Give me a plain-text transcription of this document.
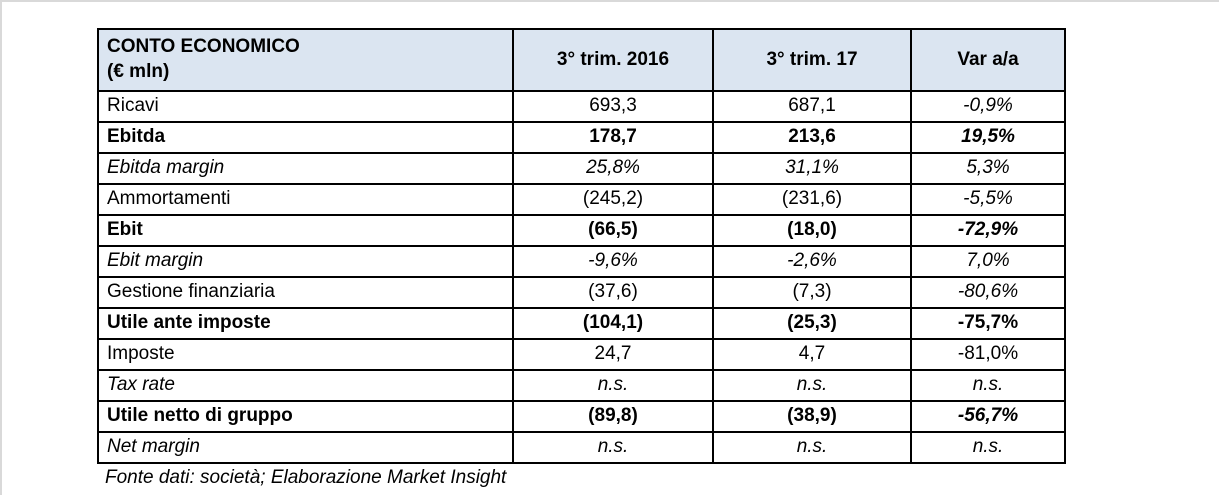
CONTO ECONOMICO
(€ mln)	3° trim. 2016	3° trim. 17	Var a/a
Ricavi	693,3	687,1	-0,9%
Ebitda	178,7	213,6	19,5%
Ebitda margin	25,8%	31,1%	5,3%
Ammortamenti	(245,2)	(231,6)	-5,5%
Ebit	(66,5)	(18,0)	-72,9%
Ebit margin	-9,6%	-2,6%	7,0%
Gestione finanziaria	(37,6)	(7,3)	-80,6%
Utile ante imposte	(104,1)	(25,3)	-75,7%
Imposte	24,7	4,7	-81,0%
Tax rate	n.s.	n.s.	n.s.
Utile netto di gruppo	(89,8)	(38,9)	-56,7%
Net margin	n.s.	n.s.	n.s.
Fonte dati: società; Elaborazione Market Insight
